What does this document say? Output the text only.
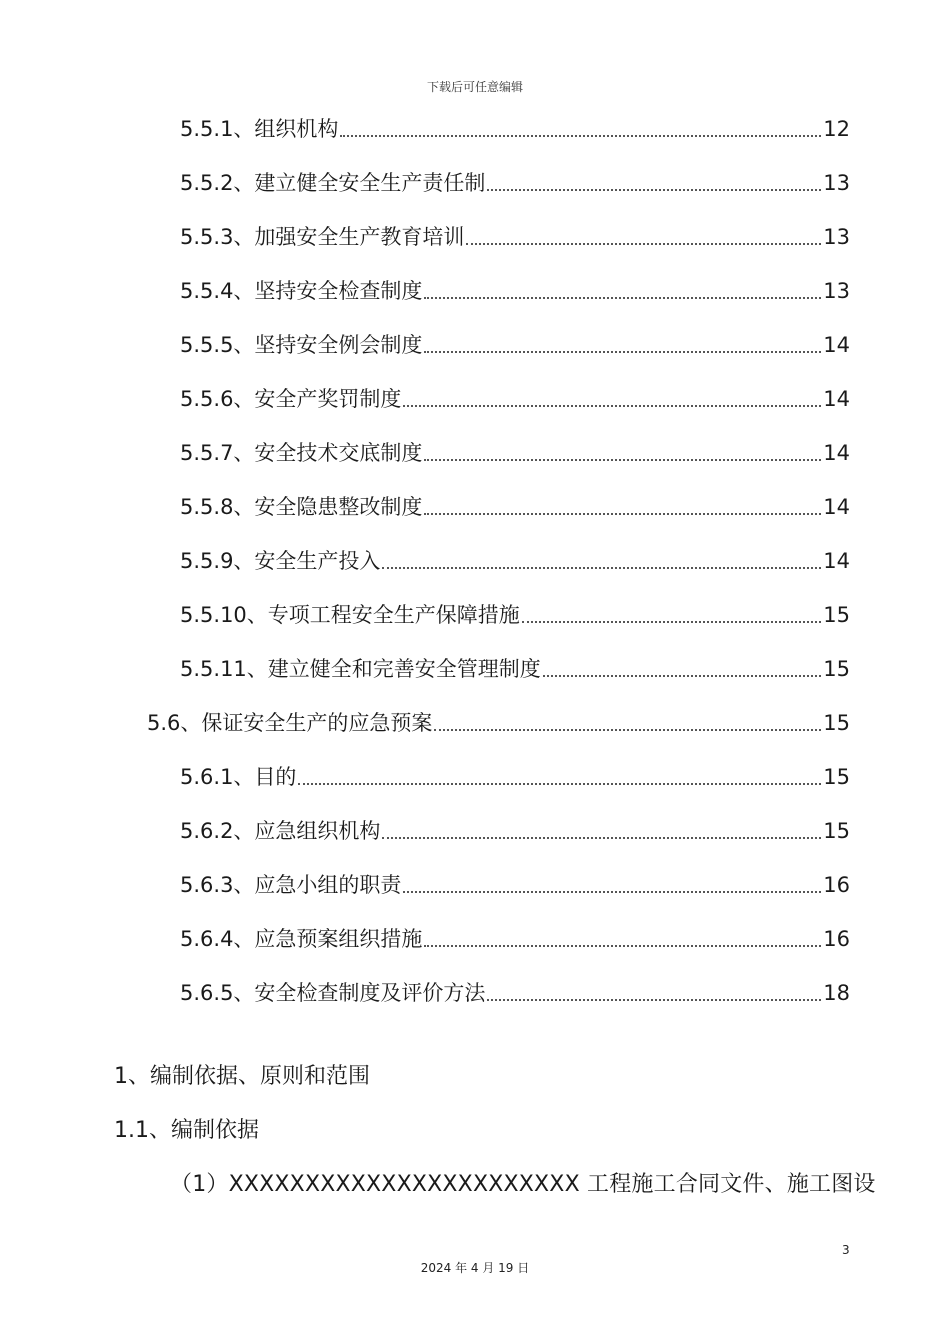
下载后可任意编辑
5.5.1、组织机构	12
5.5.2、建立健全安全生产责任制	13
5.5.3、加强安全生产教育培训	13
5.5.4、坚持安全检查制度	13
5.5.5、坚持安全例会制度	14
5.5.6、安全产奖罚制度	14
5.5.7、安全技术交底制度	14
5.5.8、安全隐患整改制度	14
5.5.9、安全生产投入	14
5.5.10、专项工程安全生产保障措施	15
5.5.11、建立健全和完善安全管理制度	15
5.6、保证安全生产的应急预案	15
5.6.1、目的	15
5.6.2、应急组织机构	15
5.6.3、应急小组的职责	16
5.6.4、应急预案组织措施	16
5.6.5、安全检查制度及评价方法	18
1、编制依据、原则和范围
1.1、编制依据
（1）XXXXXXXXXXXXXXXXXXXXXXX 工程施工合同文件、施工图设
3
2024 年 4 月 19 日
